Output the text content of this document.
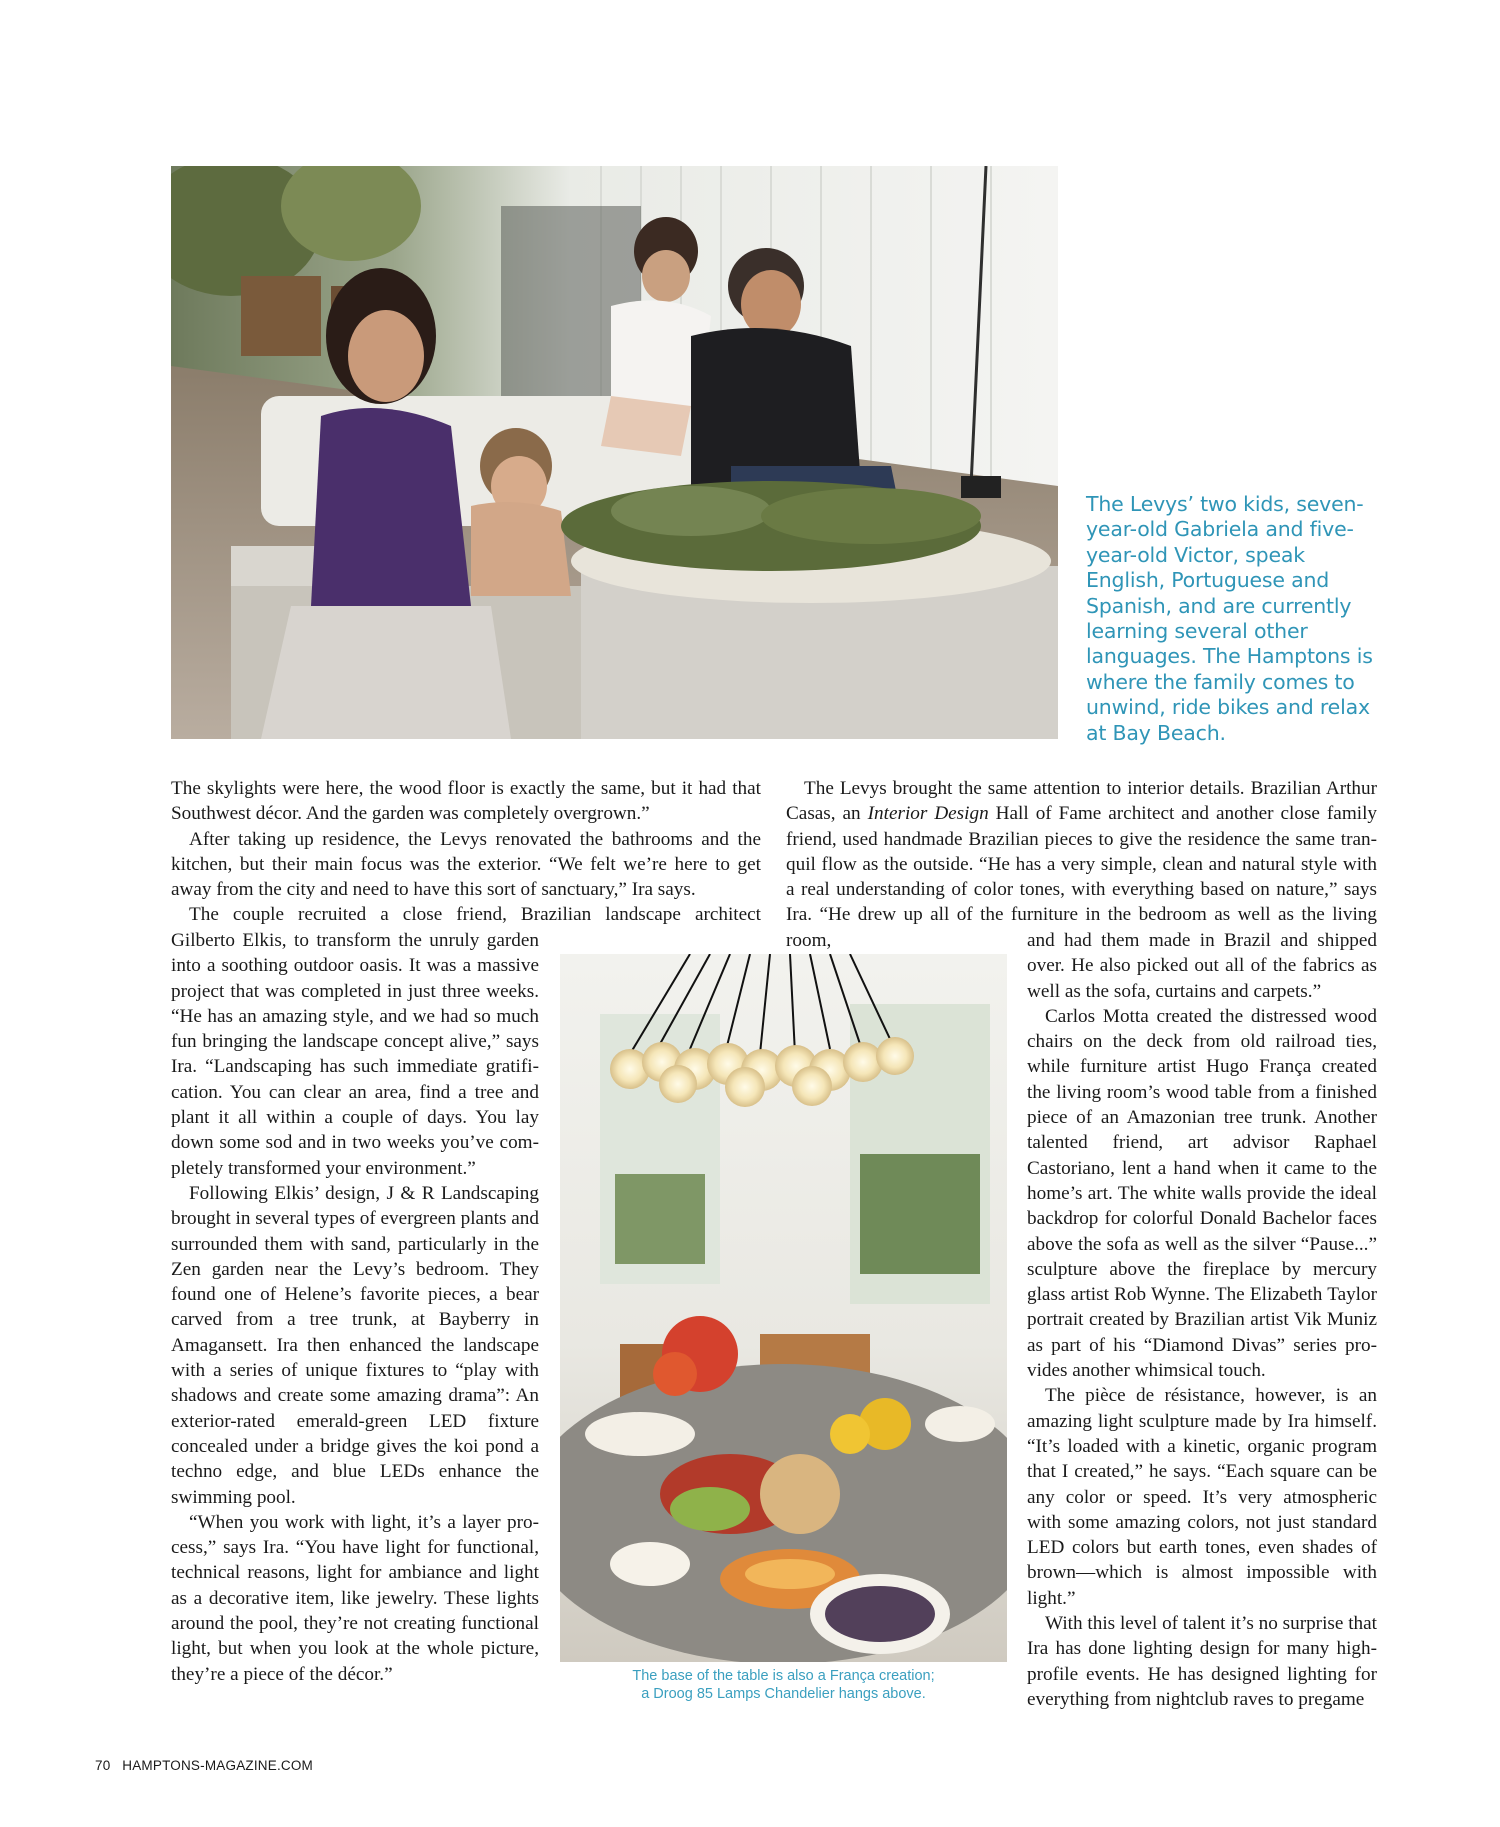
The Levys’ two kids, seven-year-old Gabriela and five-year-old Victor, speak English, Portuguese and Spanish, and are currently learning several other languages. The Hamptons is where the family comes to unwind, ride bikes and relax at Bay Beach.

The skylights were here, the wood floor is exactly the same, but it had that Southwest décor. And the garden was completely overgrown.”

After taking up residence, the Levys renovated the bathrooms and the kitchen, but their main focus was the exterior. “We felt we’re here to get away from the city and need to have this sort of sanctuary,” Ira says.

The couple recruited a close friend, Brazilian landscape architect

Gilberto Elkis, to transform the unruly garden into a soothing outdoor oasis. It was a massive project that was completed in just three weeks. “He has an amazing style, and we had so much fun bringing the landscape concept alive,” says Ira. “Landscaping has such immediate gratification. You can clear an area, find a tree and plant it all within a couple of days. You lay down some sod and in two weeks you’ve completely transformed your environment.”

Following Elkis’ design, J & R Landscaping brought in several types of evergreen plants and surrounded them with sand, particularly in the Zen garden near the Levy’s bedroom. They found one of Helene’s favorite pieces, a bear carved from a tree trunk, at Bayberry in Amagansett. Ira then enhanced the landscape with a series of unique fixtures to “play with shadows and create some amazing drama”: An exterior-rated emerald-green LED fixture concealed under a bridge gives the koi pond a techno edge, and blue LEDs enhance the swimming pool.

“When you work with light, it’s a layer process,” says Ira. “You have light for functional, technical reasons, light for ambiance and light as a decorative item, like jewelry. These lights around the pool, they’re not creating functional light, but when you look at the whole picture, they’re a piece of the décor.”

The Levys brought the same attention to interior details. Brazilian Arthur Casas, an Interior Design Hall of Fame architect and another close family friend, used handmade Brazilian pieces to give the residence the same tranquil flow as the outside. “He has a very simple, clean and natural style with a real understanding of color tones, with everything based on nature,” says Ira. “He drew up all of the furniture in the bedroom as well as the living room,	and had them made in Brazil and shipped over. He also picked out all of the fabrics as well as the sofa, curtains and carpets.”

Carlos Motta created the distressed wood chairs on the deck from old railroad ties, while furniture artist Hugo França created the living room’s wood table from a finished piece of an Amazonian tree trunk. Another talented friend, art advisor Raphael Castoriano, lent a hand when it came to the home’s art. The white walls provide the ideal backdrop for colorful Donald Bachelor faces above the sofa as well as the silver “Pause...” sculpture above the fireplace by mercury glass artist Rob Wynne. The Elizabeth Taylor portrait created by Brazilian artist Vik Muniz as part of his “Diamond Divas” series provides another whimsical touch.

The pièce de résistance, however, is an amazing light sculpture made by Ira himself. “It’s loaded with a kinetic, organic program that I created,” he says. “Each square can be any color or speed. It’s very atmospheric with some amazing colors, not just standard LED colors but earth tones, even shades of brown—which is almost impossible with light.”

With this level of talent it’s no surprise that Ira has done lighting design for many high-profile events. He has designed lighting for everything from nightclub raves to pregame

The base of the table is also a França creation;
a Droog 85 Lamps Chandelier hangs above.
70 HAMPTONS-MAGAZINE.COM
